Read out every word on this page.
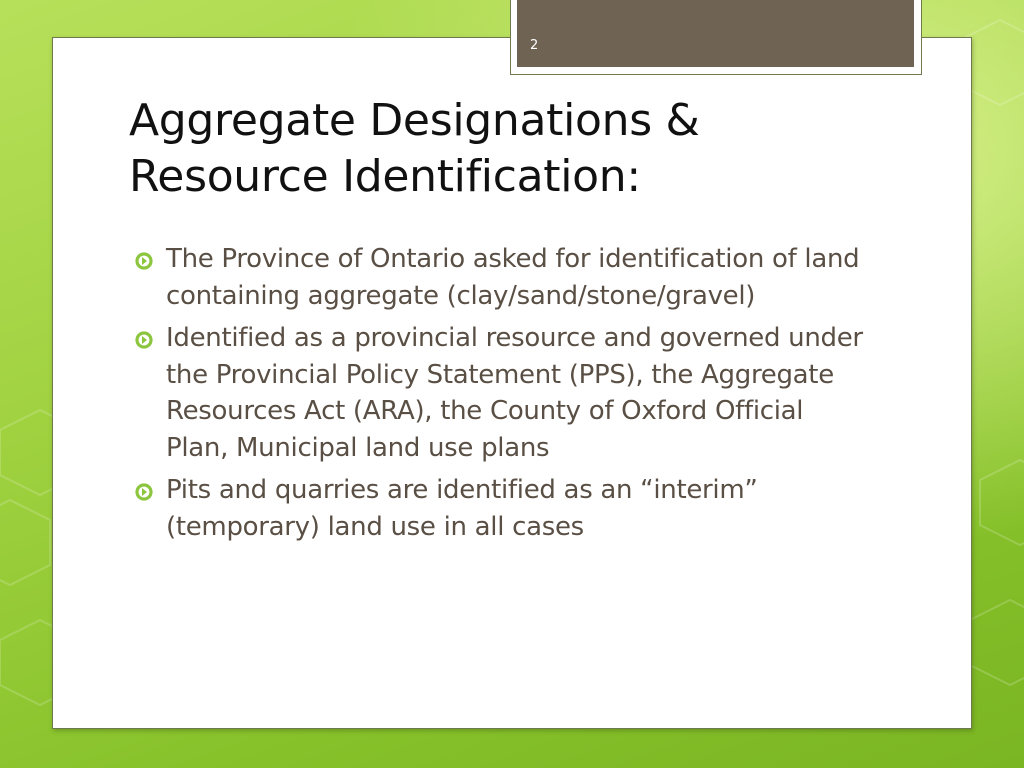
2
Aggregate Designations &
Resource Identification:
The Province of Ontario asked for identification of land containing aggregate (clay/sand/stone/gravel)
Identified as a provincial resource and governed under the Provincial Policy Statement (PPS), the Aggregate Resources Act (ARA), the County of Oxford Official Plan, Municipal land use plans
Pits and quarries are identified as an “interim” (temporary) land use in all cases
